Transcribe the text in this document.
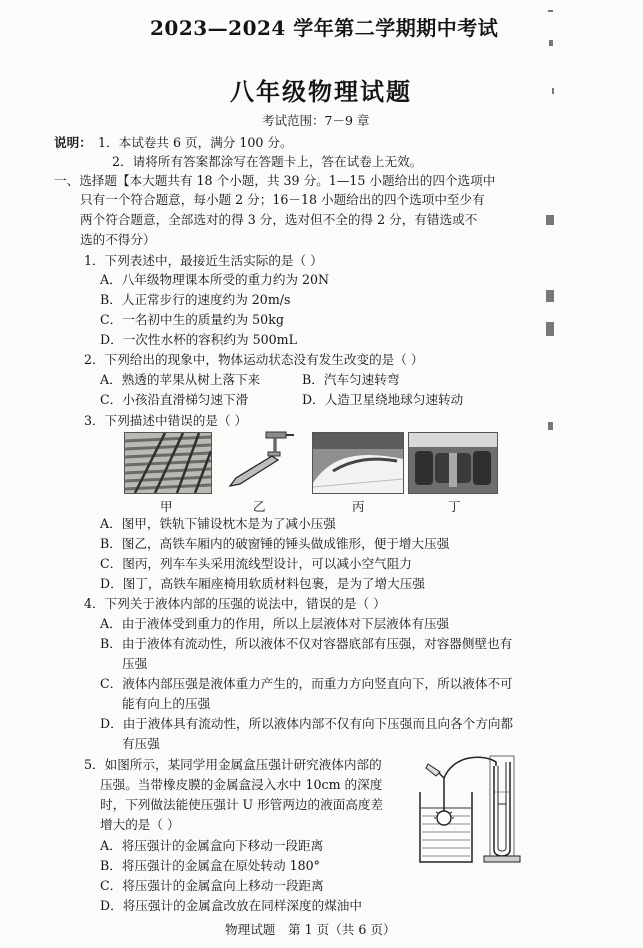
2023—2024 学年第二学期期中考试
八年级物理试题
考试范围：7－9 章
说明： 1．本试卷共 6 页，满分 100 分。
2．请将所有答案都涂写在答题卡上，答在试卷上无效。
一、选择题【本大题共有 18 个小题，共 39 分。1—15 小题给出的四个选项中
只有一个符合题意，每小题 2 分；16－18 小题给出的四个选项中至少有
两个符合题意，全部选对的得 3 分，选对但不全的得 2 分，有错选或不
选的不得分）
1．下列表述中，最接近生活实际的是（ ）
A．八年级物理课本所受的重力约为 20N
B．人正常步行的速度约为 20m/s
C．一名初中生的质量约为 50kg
D．一次性水杯的容积约为 500mL
2．下列给出的现象中，物体运动状态没有发生改变的是（ ）
A．熟透的苹果从树上落下来	B．汽车匀速转弯
C．小孩沿直滑梯匀速下滑	D．人造卫星绕地球匀速转动
3．下列描述中错误的是（ ）
甲	乙	丙	丁
A．图甲，铁轨下铺设枕木是为了减小压强
B．图乙，高铁车厢内的破窗锤的锤头做成锥形，便于增大压强
C．图丙，列车车头采用流线型设计，可以减小空气阻力
D．图丁，高铁车厢座椅用软质材料包裹，是为了增大压强
4．下列关于液体内部的压强的说法中，错误的是（ ）
A．由于液体受到重力的作用，所以上层液体对下层液体有压强
B．由于液体有流动性，所以液体不仅对容器底部有压强，对容器侧壁也有
压强
C．液体内部压强是液体重力产生的，而重力方向竖直向下，所以液体不可
能有向上的压强
D．由于液体具有流动性，所以液体内部不仅有向下压强而且向各个方向都
有压强
5．如图所示，某同学用金属盒压强计研究液体内部的
压强。当带橡皮膜的金属盒浸入水中 10cm 的深度
时，下列做法能使压强计 U 形管两边的液面高度差
增大的是（ ）
A．将压强计的金属盒向下移动一段距离
B．将压强计的金属盒在原处转动 180°
C．将压强计的金属盒向上移动一段距离
D．将压强计的金属盒改放在同样深度的煤油中
物理试题　第 1 页（共 6 页）
